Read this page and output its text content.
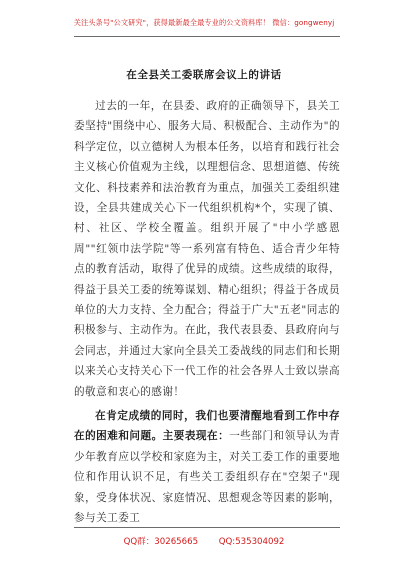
关注头条号"公文研究"，获得最新最全最专业的公文资料库！ 微信：gongwenyj
在全县关工委联席会议上的讲话

过去的一年，在县委、政府的正确领导下，县关工委坚持"围绕中心、服务大局、积极配合、主动作为"的科学定位，以立德树人为根本任务，以培育和践行社会主义核心价值观为主线，以理想信念、思想道德、传统文化、科技素养和法治教育为重点，加强关工委组织建设，全县共建成关心下一代组织机构*个，实现了镇、村、社区、学校全覆盖。组织开展了"中小学感恩周""红领巾法学院"等一系列富有特色、适合青少年特点的教育活动，取得了优异的成绩。这些成绩的取得，得益于县关工委的统筹谋划、精心组织；得益于各成员单位的大力支持、全力配合；得益于广大"五老"同志的积极参与、主动作为。在此，我代表县委、县政府向与会同志，并通过大家向全县关工委战线的同志们和长期以来关心支持关心下一代工作的社会各界人士致以崇高的敬意和衷心的感谢！

在肯定成绩的同时，我们也要清醒地看到工作中存在的困难和问题。主要表现在：一些部门和领导认为青少年教育应以学校和家庭为主，对关工委工作的重要地位和作用认识不足，有些关工委组织存在"空架子"现象，受身体状况、家庭情况、思想观念等因素的影响，参与关工委工

QQ群：30265665 QQ:535304092
